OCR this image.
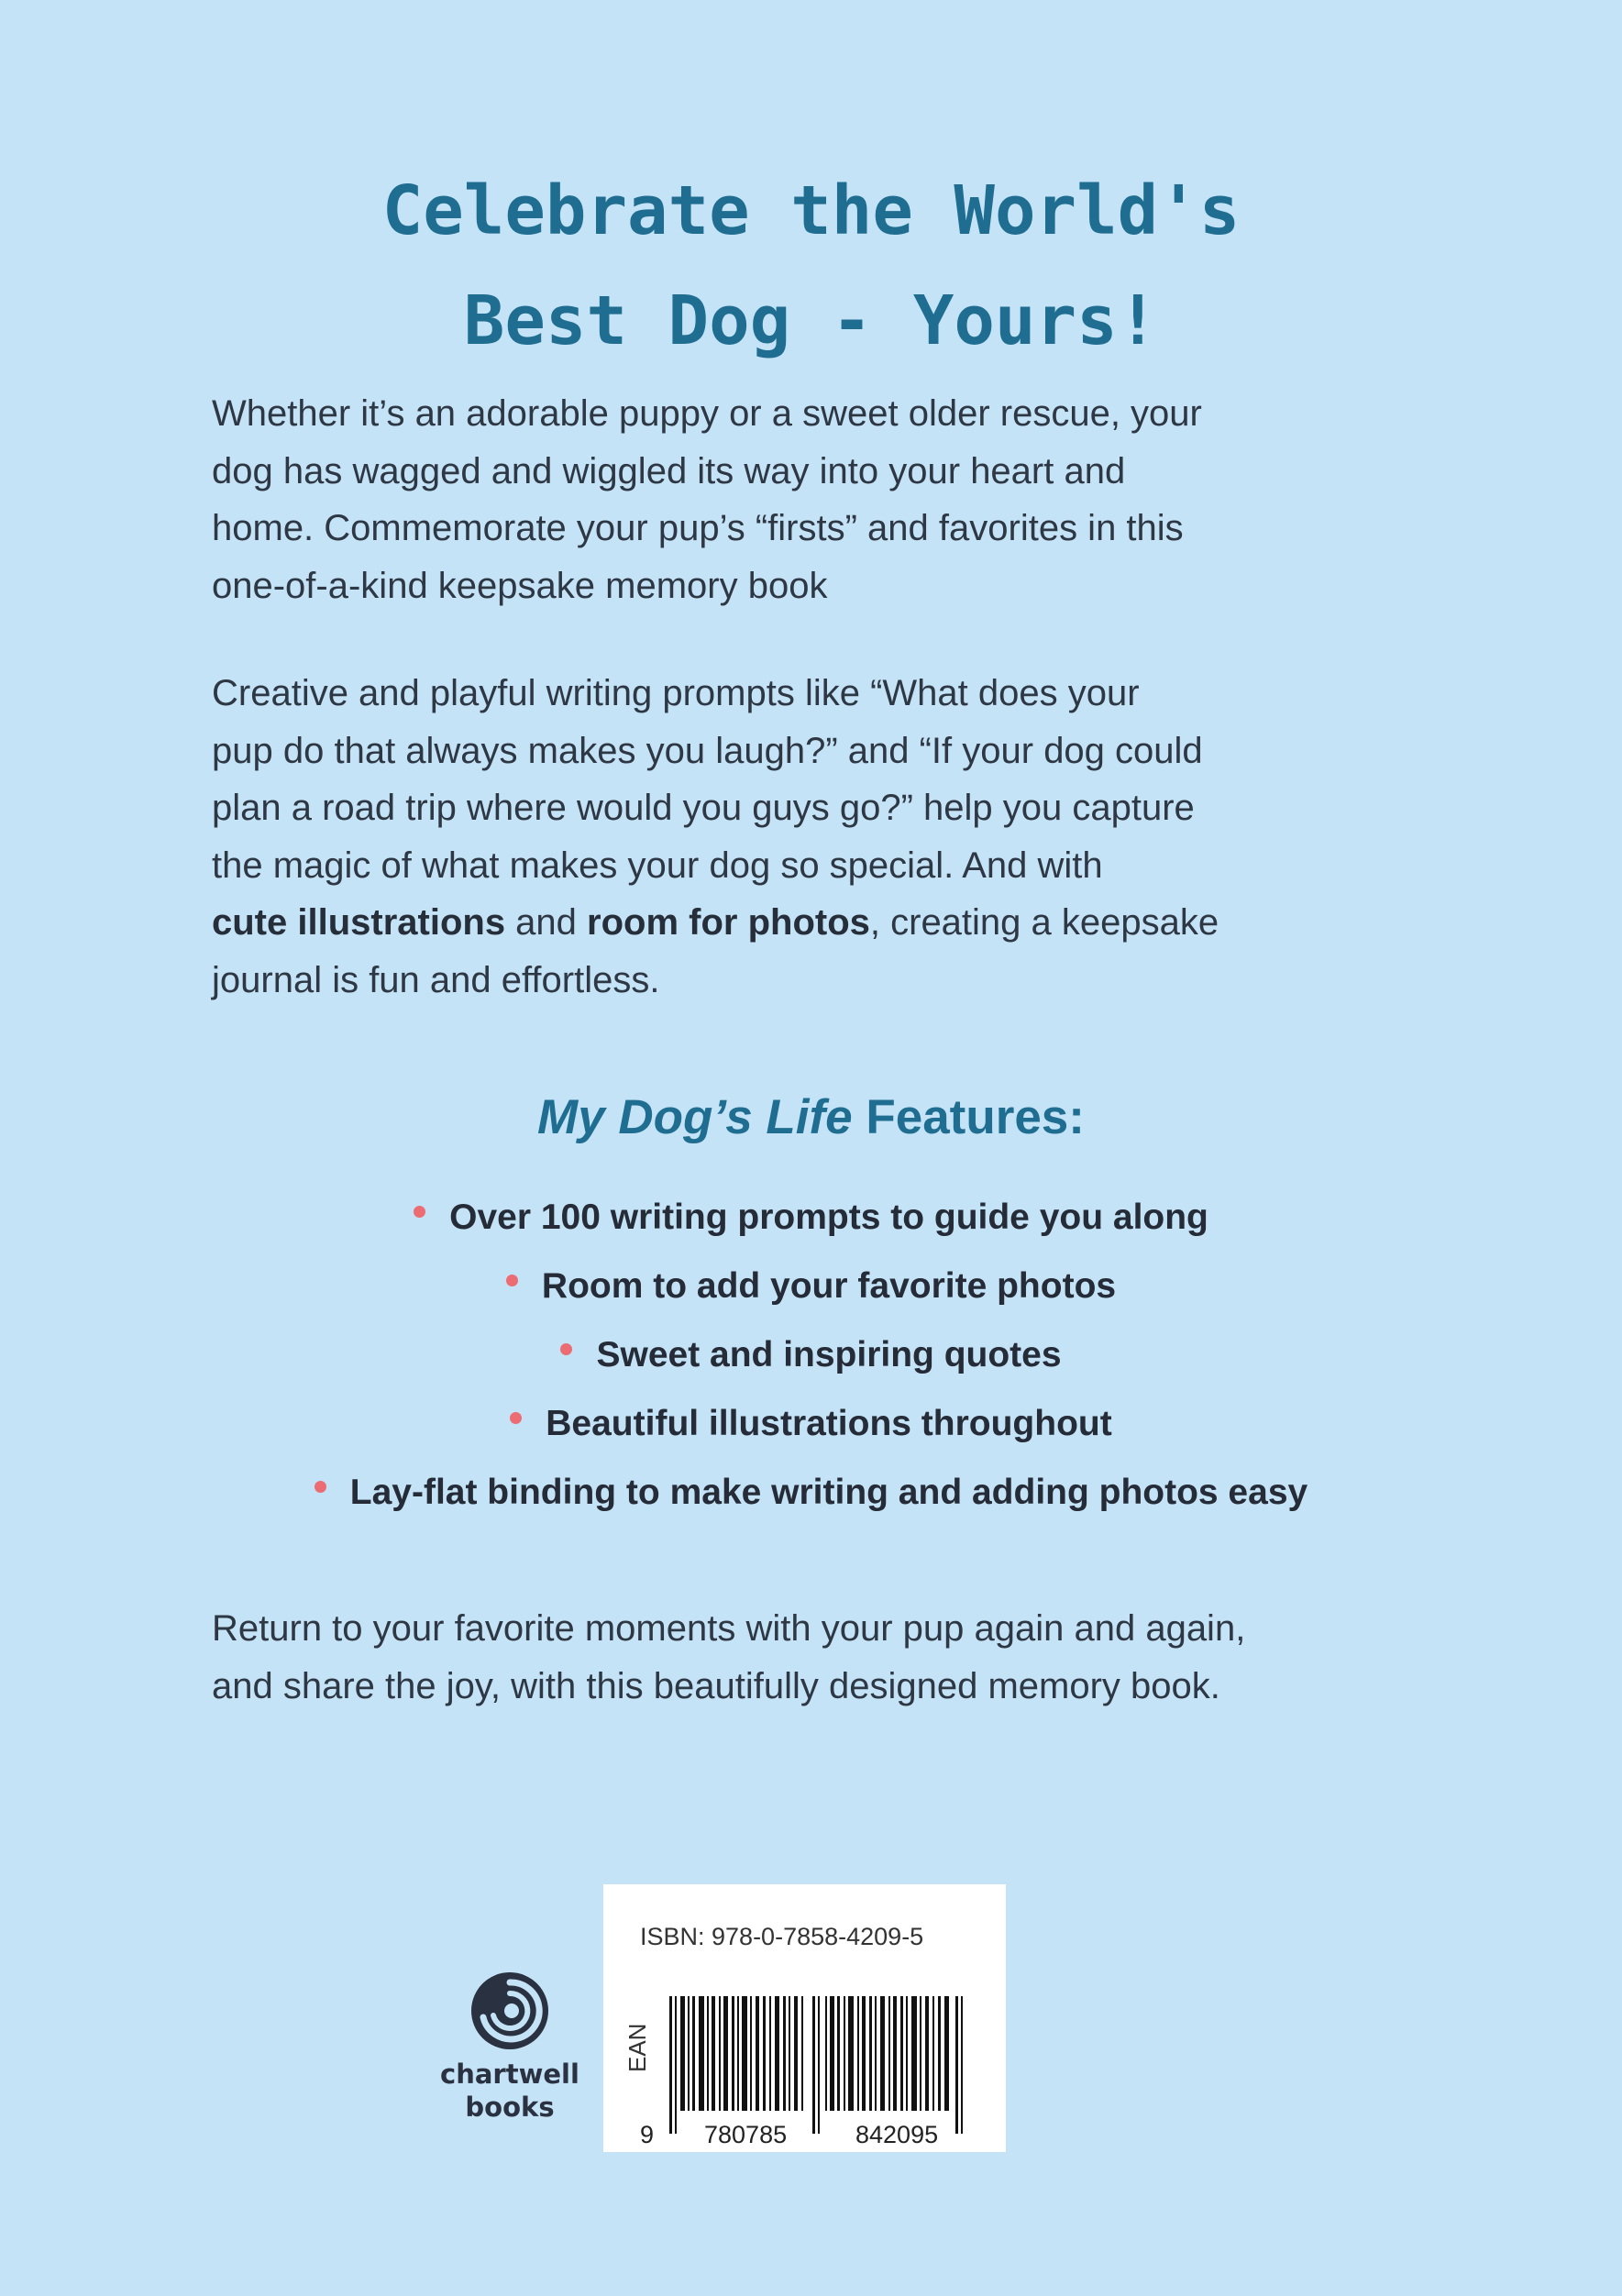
Celebrate the World's
Best Dog - Yours!

Whether it’s an adorable puppy or a sweet older rescue, your
dog has wagged and wiggled its way into your heart and
home. Commemorate your pup’s “firsts” and favorites in this
one-of-a-kind keepsake memory book

Creative and playful writing prompts like “What does your
pup do that always makes you laugh?” and “If your dog could
plan a road trip where would you guys go?” help you capture
the magic of what makes your dog so special. And with
cute illustrations and room for photos, creating a keepsake
journal is fun and effortless.

My Dog’s Life Features:
Over 100 writing prompts to guide you along
Room to add your favorite photos
Sweet and inspiring quotes
Beautiful illustrations throughout
Lay-flat binding to make writing and adding photos easy

Return to your favorite moments with your pup again and again,
and share the joy, with this beautifully designed memory book.

chartwell
books
ISBN: 978-0-7858-4209-5
EAN
9 780785	842095
